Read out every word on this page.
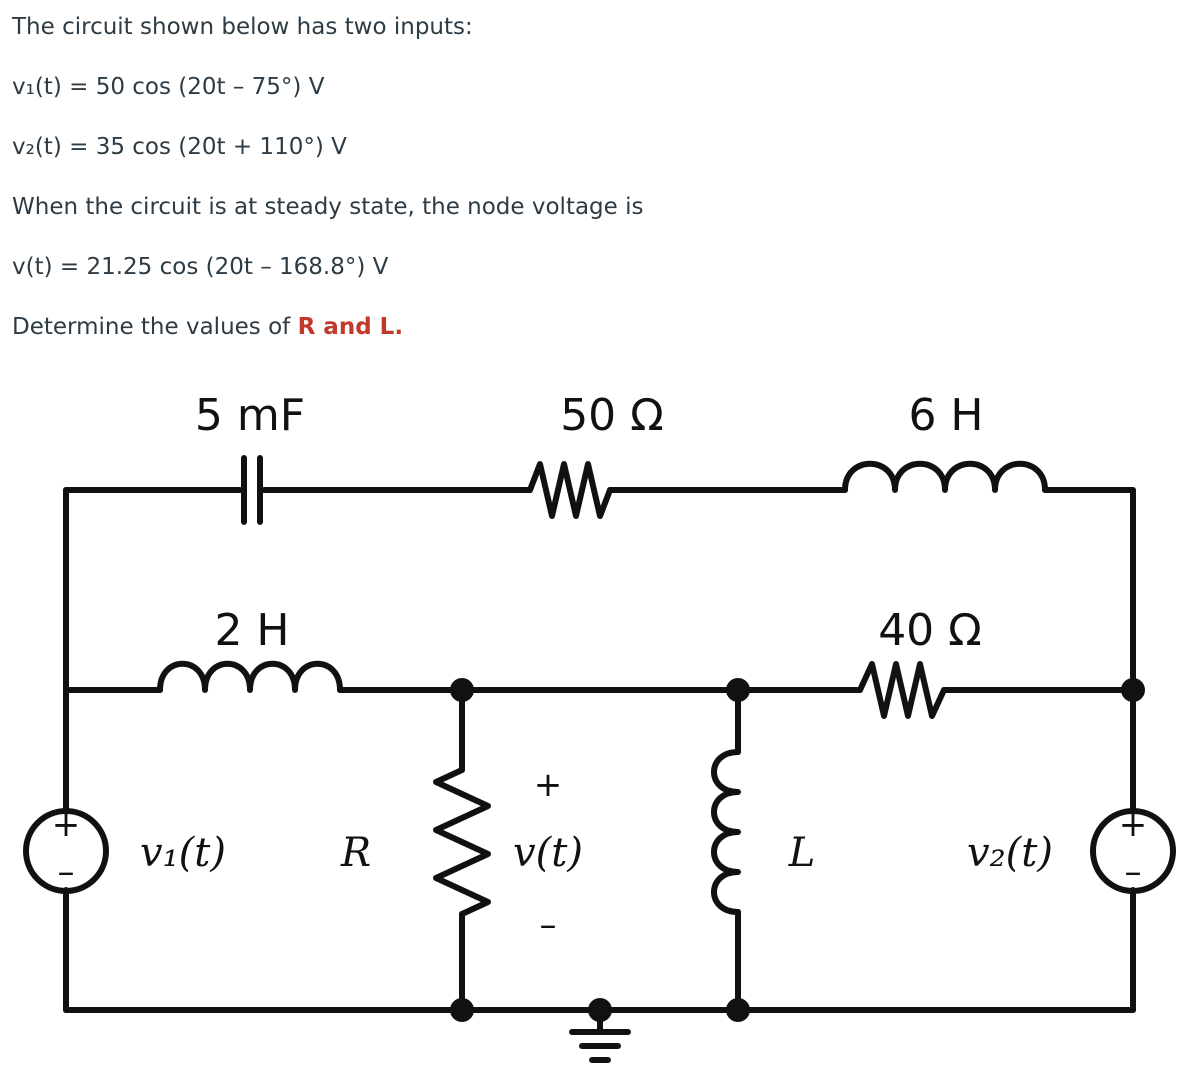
The circuit shown below has two inputs:

v₁(t) = 50 cos (20t – 75°) V

v₂(t) = 35 cos (20t + 110°) V

When the circuit is at steady state, the node voltage is

v(t) = 21.25 cos (20t – 168.8°) V

Determine the values of R and L.

+
–
+
–
5 mF	50 Ω	6 H
2 H	40 Ω
v₁(t)	R
+
v(t)
–
L	v₂(t)
